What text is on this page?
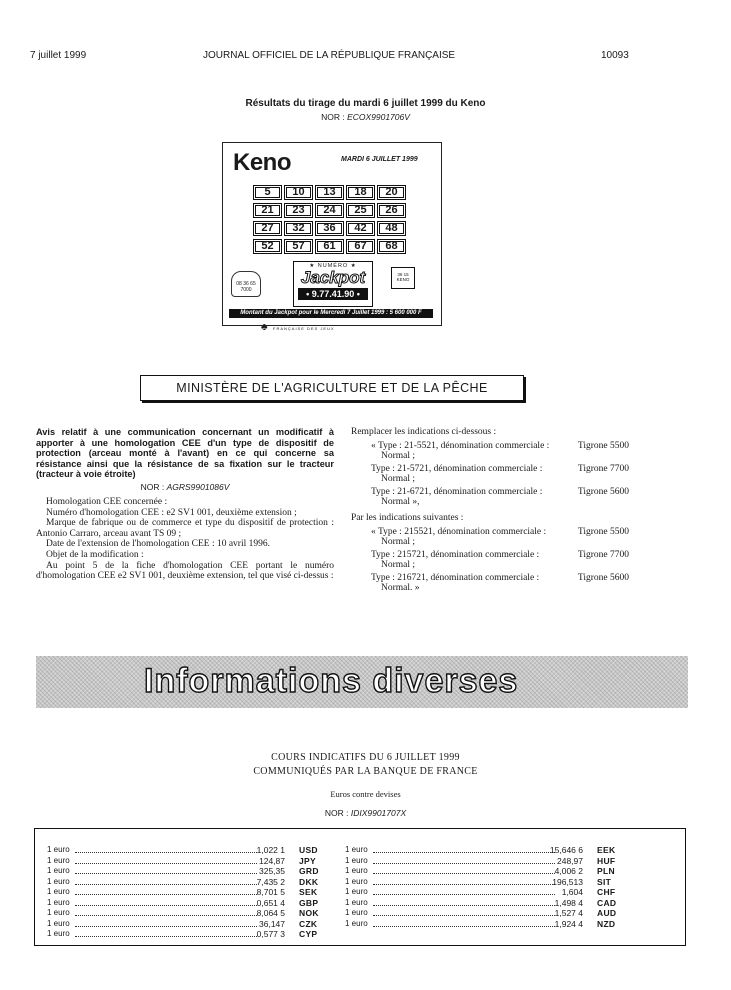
7 juillet 1999	JOURNAL OFFICIEL DE LA RÉPUBLIQUE FRANÇAISE	10093
Résultats du tirage du mardi 6 juillet 1999 du Keno
NOR : ECOX9901706V
Keno	MARDI 6 JUILLET 1999
5	10	13	18	20
21	23	24	25	26
27	32	36	42	48
52	57	61	67	68
08 36 65 7000
★ NUMÉRO ★
Jackpot
• 9.77.41.90 •
36 15 KENO
Montant du Jackpot pour le Mercredi 7 Juillet 1999 : 5 600 000 F
♣ FRANÇAISE DES JEUX
MINISTÈRE DE L'AGRICULTURE ET DE LA PÊCHE
Avis relatif à une communication concernant un modificatif à apporter à une homologation CEE d'un type de dispositif de protection (arceau monté à l'avant) en ce qui concerne sa résistance ainsi que la résistance de sa fixation sur le tracteur (tracteur à voie étroite)
NOR : AGRS9901086V

Homologation CEE concernée :

Numéro d'homologation CEE : e2 SV1 001, deuxième extension ;

Marque de fabrique ou de commerce et type du dispositif de protection : Antonio Carraro, arceau avant TS 09 ;

Date de l'extension de l'homologation CEE : 10 avril 1996.

Objet de la modification :

Au point 5 de la fiche d'homologation CEE portant le numéro d'homologation CEE e2 SV1 001, deuxième extension, tel que visé ci-dessus :

Remplacer les indications ci-dessous :
« Type : 21-5521, dénomination commerciale :	Tigrone 5500
Normal ;
Type : 21-5721, dénomination commerciale :	Tigrone 7700
Normal ;
Type : 21-6721, dénomination commerciale :	Tigrone 5600
Normal »,
Par les indications suivantes :
« Type : 215521, dénomination commerciale :	Tigrone 5500
Normal ;
Type : 215721, dénomination commerciale :	Tigrone 7700
Normal ;
Type : 216721, dénomination commerciale :	Tigrone 5600
Normal. »
Informations diverses
COURS INDICATIFS DU 6 JUILLET 1999
COMMUNIQUÉS PAR LA BANQUE DE FRANCE
Euros contre devises
NOR : IDIX9901707X
1 euro	1,022 1 USD
1 euro	124,87 JPY
1 euro	325,35 GRD
1 euro	7,435 2 DKK
1 euro	8,701 5 SEK
1 euro	0,651 4 GBP
1 euro	8,064 5 NOK
1 euro	36,147 CZK
1 euro	0,577 3 CYP
1 euro	15,646 6 EEK
1 euro	248,97 HUF
1 euro	4,006 2 PLN
1 euro	196,513 SIT
1 euro	1,604 CHF
1 euro	1,498 4 CAD
1 euro	1,527 4 AUD
1 euro	1,924 4 NZD
